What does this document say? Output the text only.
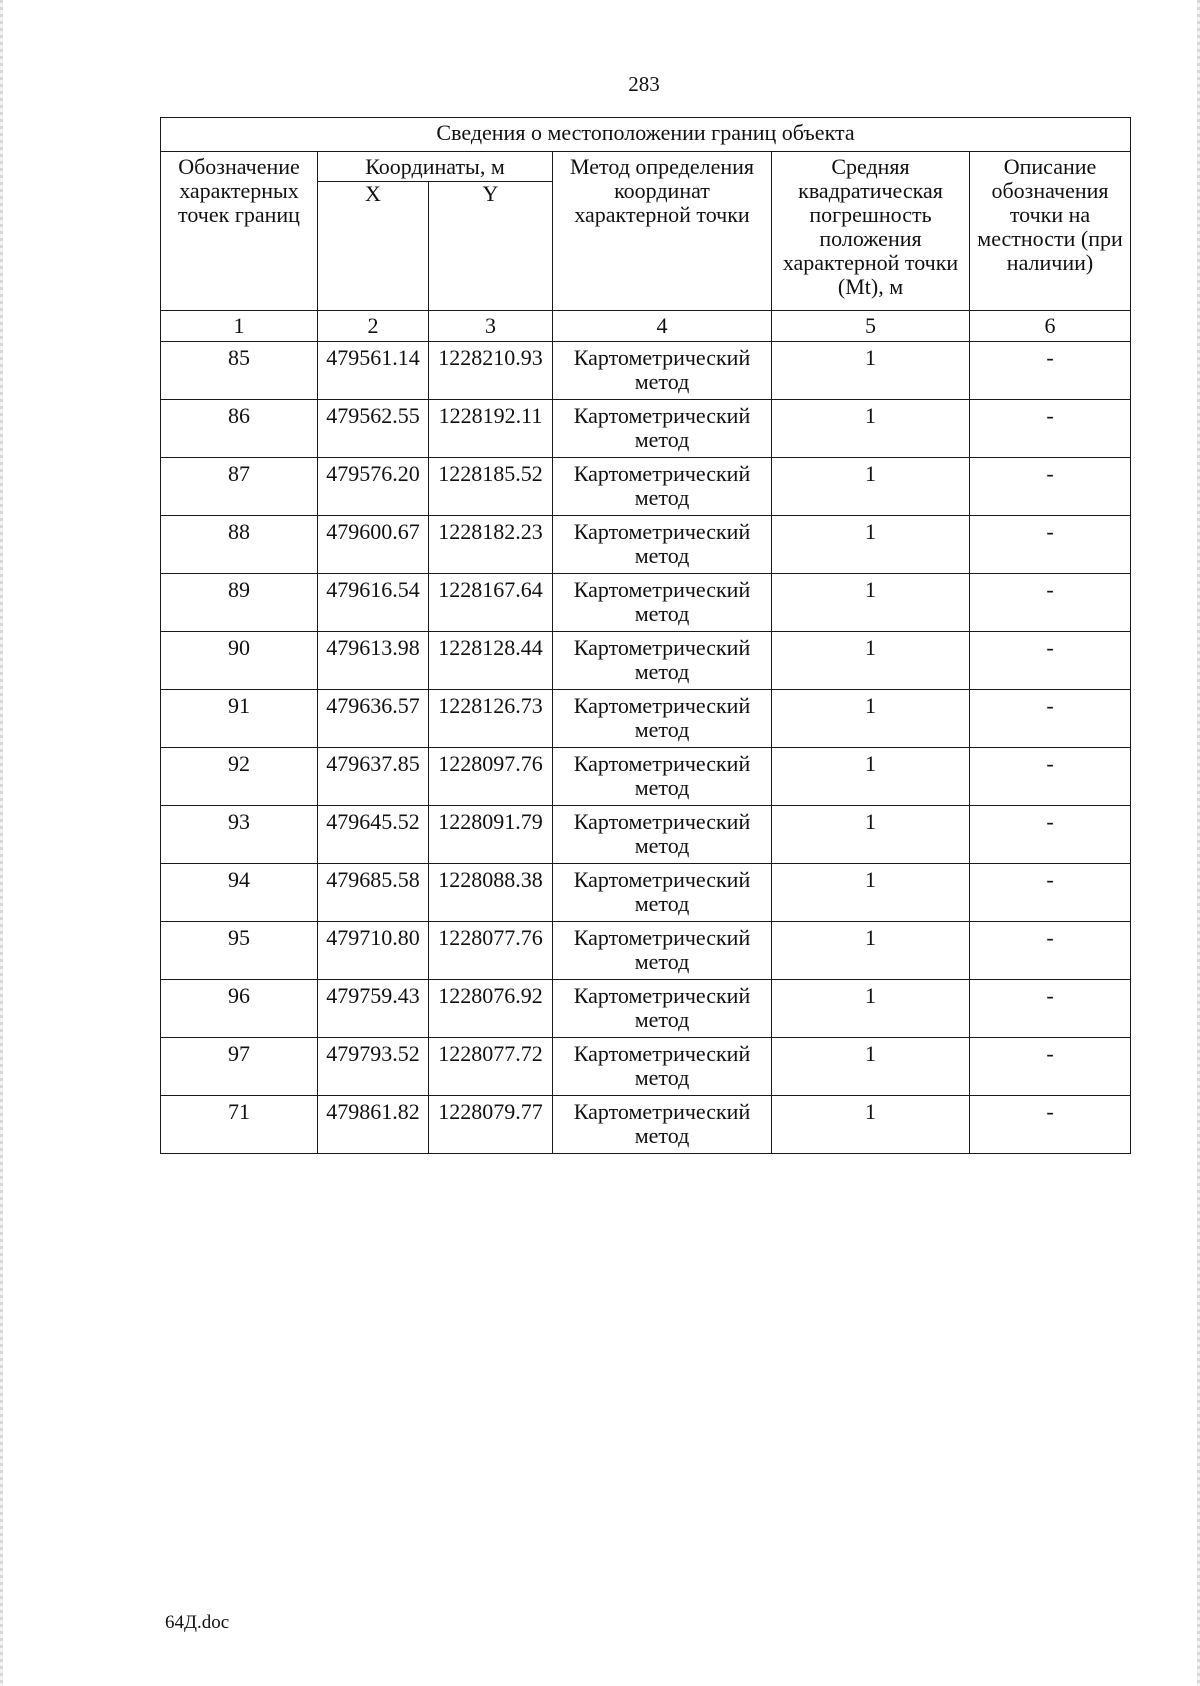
283
Сведения о местоположении границ объекта					
Обозначение характерных точек границ	Координаты, м		Метод определения координат характерной точки	Средняя квадратическая погрешность положения характерной точки (Mt), м	Описание обозначения точки на местности (при наличии)
	X	Y			
1	2	3	4	5	6
85	479561.14	1228210.93	Картометрический метод	1	-
86	479562.55	1228192.11	Картометрический метод	1	-
87	479576.20	1228185.52	Картометрический метод	1	-
88	479600.67	1228182.23	Картометрический метод	1	-
89	479616.54	1228167.64	Картометрический метод	1	-
90	479613.98	1228128.44	Картометрический метод	1	-
91	479636.57	1228126.73	Картометрический метод	1	-
92	479637.85	1228097.76	Картометрический метод	1	-
93	479645.52	1228091.79	Картометрический метод	1	-
94	479685.58	1228088.38	Картометрический метод	1	-
95	479710.80	1228077.76	Картометрический метод	1	-
96	479759.43	1228076.92	Картометрический метод	1	-
97	479793.52	1228077.72	Картометрический метод	1	-
71	479861.82	1228079.77	Картометрический метод	1	-
64Д.doc
